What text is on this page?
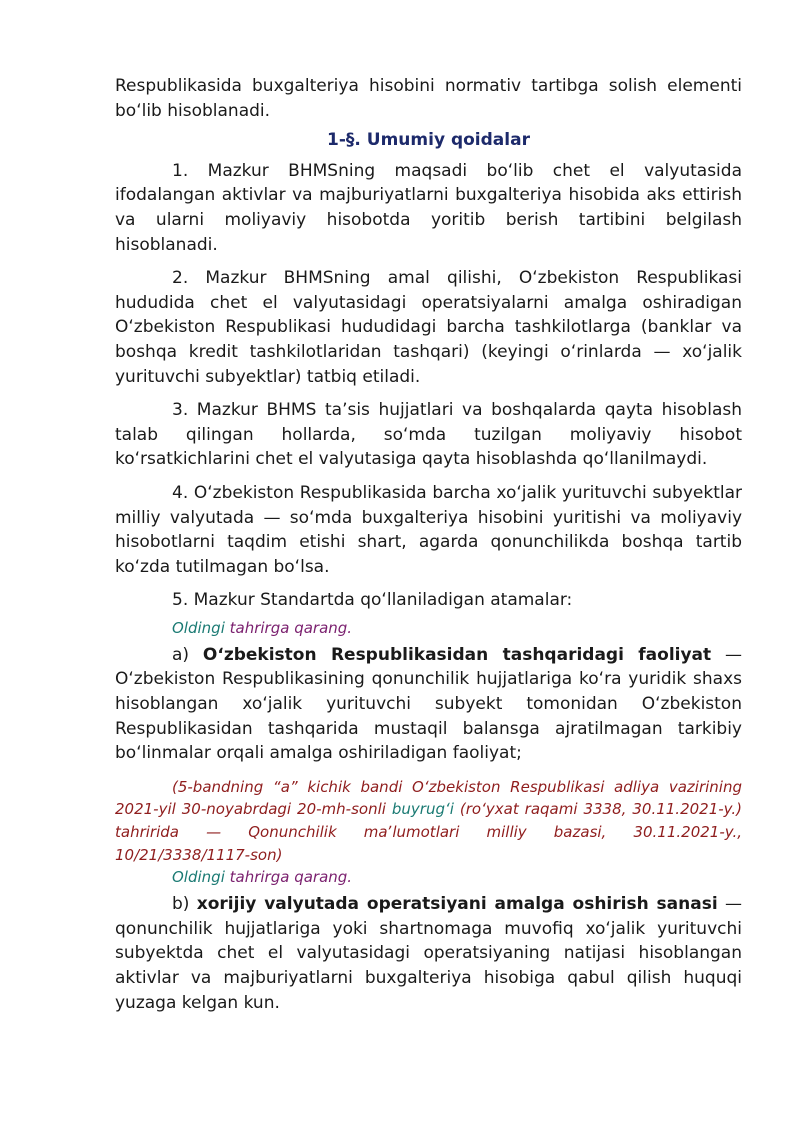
Respublikasida buxgalteriya hisobini normativ tartibga solish elementi boʻlib hisoblanadi.

1-§. Umumiy qoidalar

1. Mazkur BHMSning maqsadi boʻlib chet el valyutasida ifodalangan aktivlar va majburiyatlarni buxgalteriya hisobida aks ettirish va ularni moliyaviy hisobotda yoritib berish tartibini belgilash hisoblanadi.

2. Mazkur BHMSning amal qilishi, Oʻzbekiston Respublikasi hududida chet el valyutasidagi operatsiyalarni amalga oshiradigan Oʻzbekiston Respublikasi hududidagi barcha tashkilotlarga (banklar va boshqa kredit tashkilotlaridan tashqari) (keyingi oʻrinlarda — xoʻjalik yurituvchi subyektlar) tatbiq etiladi.

3. Mazkur BHMS taʼsis hujjatlari va boshqalarda qayta hisoblash talab qilingan hollarda, soʻmda tuzilgan moliyaviy hisobot koʻrsatkichlarini chet el valyutasiga qayta hisoblashda qoʻllanilmaydi.

4. Oʻzbekiston Respublikasida barcha xoʻjalik yurituvchi subyektlar milliy valyutada — soʻmda buxgalteriya hisobini yuritishi va moliyaviy hisobotlarni taqdim etishi shart, agarda qonunchilikda boshqa tartib koʻzda tutilmagan boʻlsa.

5. Mazkur Standartda qoʻllaniladigan atamalar:

Oldingi tahrirga qarang.

a) Oʻzbekiston Respublikasidan tashqaridagi faoliyat — Oʻzbekiston Respublikasining qonunchilik hujjatlariga koʻra yuridik shaxs hisoblangan xoʻjalik yurituvchi subyekt tomonidan Oʻzbekiston Respublikasidan tashqarida mustaqil balansga ajratilmagan tarkibiy boʻlinmalar orqali amalga oshiriladigan faoliyat;

(5-bandning “a” kichik bandi Oʻzbekiston Respublikasi adliya vazirining 2021-yil 30-noyabrdagi 20-mh-sonli buyrugʻi (roʻyxat raqami 3338, 30.11.2021-y.) tahririda — Qonunchilik maʼlumotlari milliy bazasi, 30.11.2021-y., 10/21/3338/1117-son)

Oldingi tahrirga qarang.

b) xorijiy valyutada operatsiyani amalga oshirish sanasi — qonunchilik hujjatlariga yoki shartnomaga muvofiq xoʻjalik yurituvchi subyektda chet el valyutasidagi operatsiyaning natijasi hisoblangan aktivlar va majburiyatlarni buxgalteriya hisobiga qabul qilish huquqi yuzaga kelgan kun.
